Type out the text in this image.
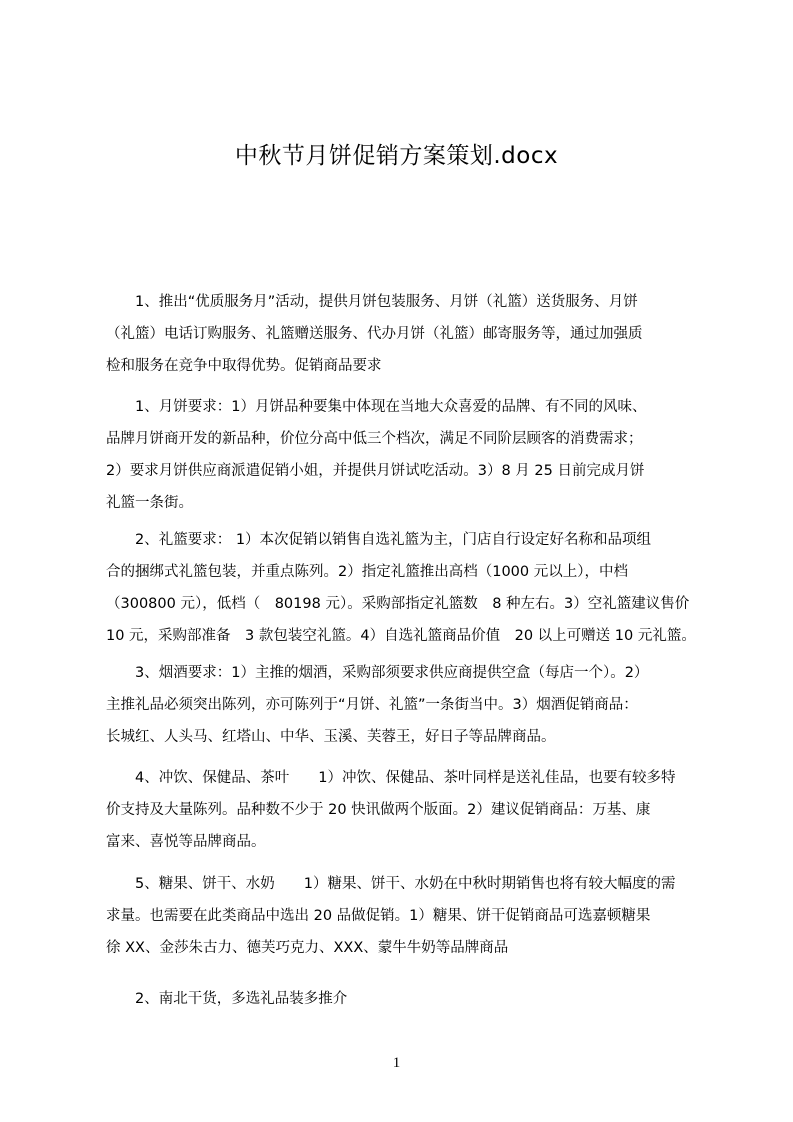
中秋节月饼促销方案策划.docx
　　1、推出“优质服务月”活动，提供月饼包装服务、月饼（礼篮）送货服务、月饼
（礼篮）电话订购服务、礼篮赠送服务、代办月饼（礼篮）邮寄服务等，通过加强质
检和服务在竞争中取得优势。促销商品要求
　　1、月饼要求：1）月饼品种要集中体现在当地大众喜爱的品牌、有不同的风味、
品牌月饼商开发的新品种，价位分高中低三个档次，满足不同阶层顾客的消费需求；
2）要求月饼供应商派遣促销小姐，并提供月饼试吃活动。3）8 月 25 日前完成月饼
礼篮一条街。
　　2、礼篮要求： 1）本次促销以销售自选礼篮为主，门店自行设定好名称和品项组
合的捆绑式礼篮包装，并重点陈列。2）指定礼篮推出高档（1000 元以上），中档
（300800 元），低档（　80198 元）。采购部指定礼篮数　8 种左右。3）空礼篮建议售价
10 元，采购部准备　3 款包装空礼篮。4）自选礼篮商品价值　20 以上可赠送 10 元礼篮。
　　3、烟酒要求：1）主推的烟酒，采购部须要求供应商提供空盒（每店一个）。2）
主推礼品必须突出陈列，亦可陈列于“月饼、礼篮”一条街当中。3）烟酒促销商品：
长城红、人头马、红塔山、中华、玉溪、芙蓉王，好日子等品牌商品。
　　4、冲饮、保健品、茶叶　　1）冲饮、保健品、茶叶同样是送礼佳品，也要有较多特
价支持及大量陈列。品种数不少于 20 快讯做两个版面。2）建议促销商品：万基、康
富来、喜悦等品牌商品。
　　5、糖果、饼干、水奶　　1）糖果、饼干、水奶在中秋时期销售也将有较大幅度的需
求量。也需要在此类商品中选出 20 品做促销。1）糖果、饼干促销商品可选嘉顿糖果
徐 XX、金莎朱古力、德芙巧克力、XXX、蒙牛牛奶等品牌商品
　　2、南北干货，多选礼品装多推介
1
